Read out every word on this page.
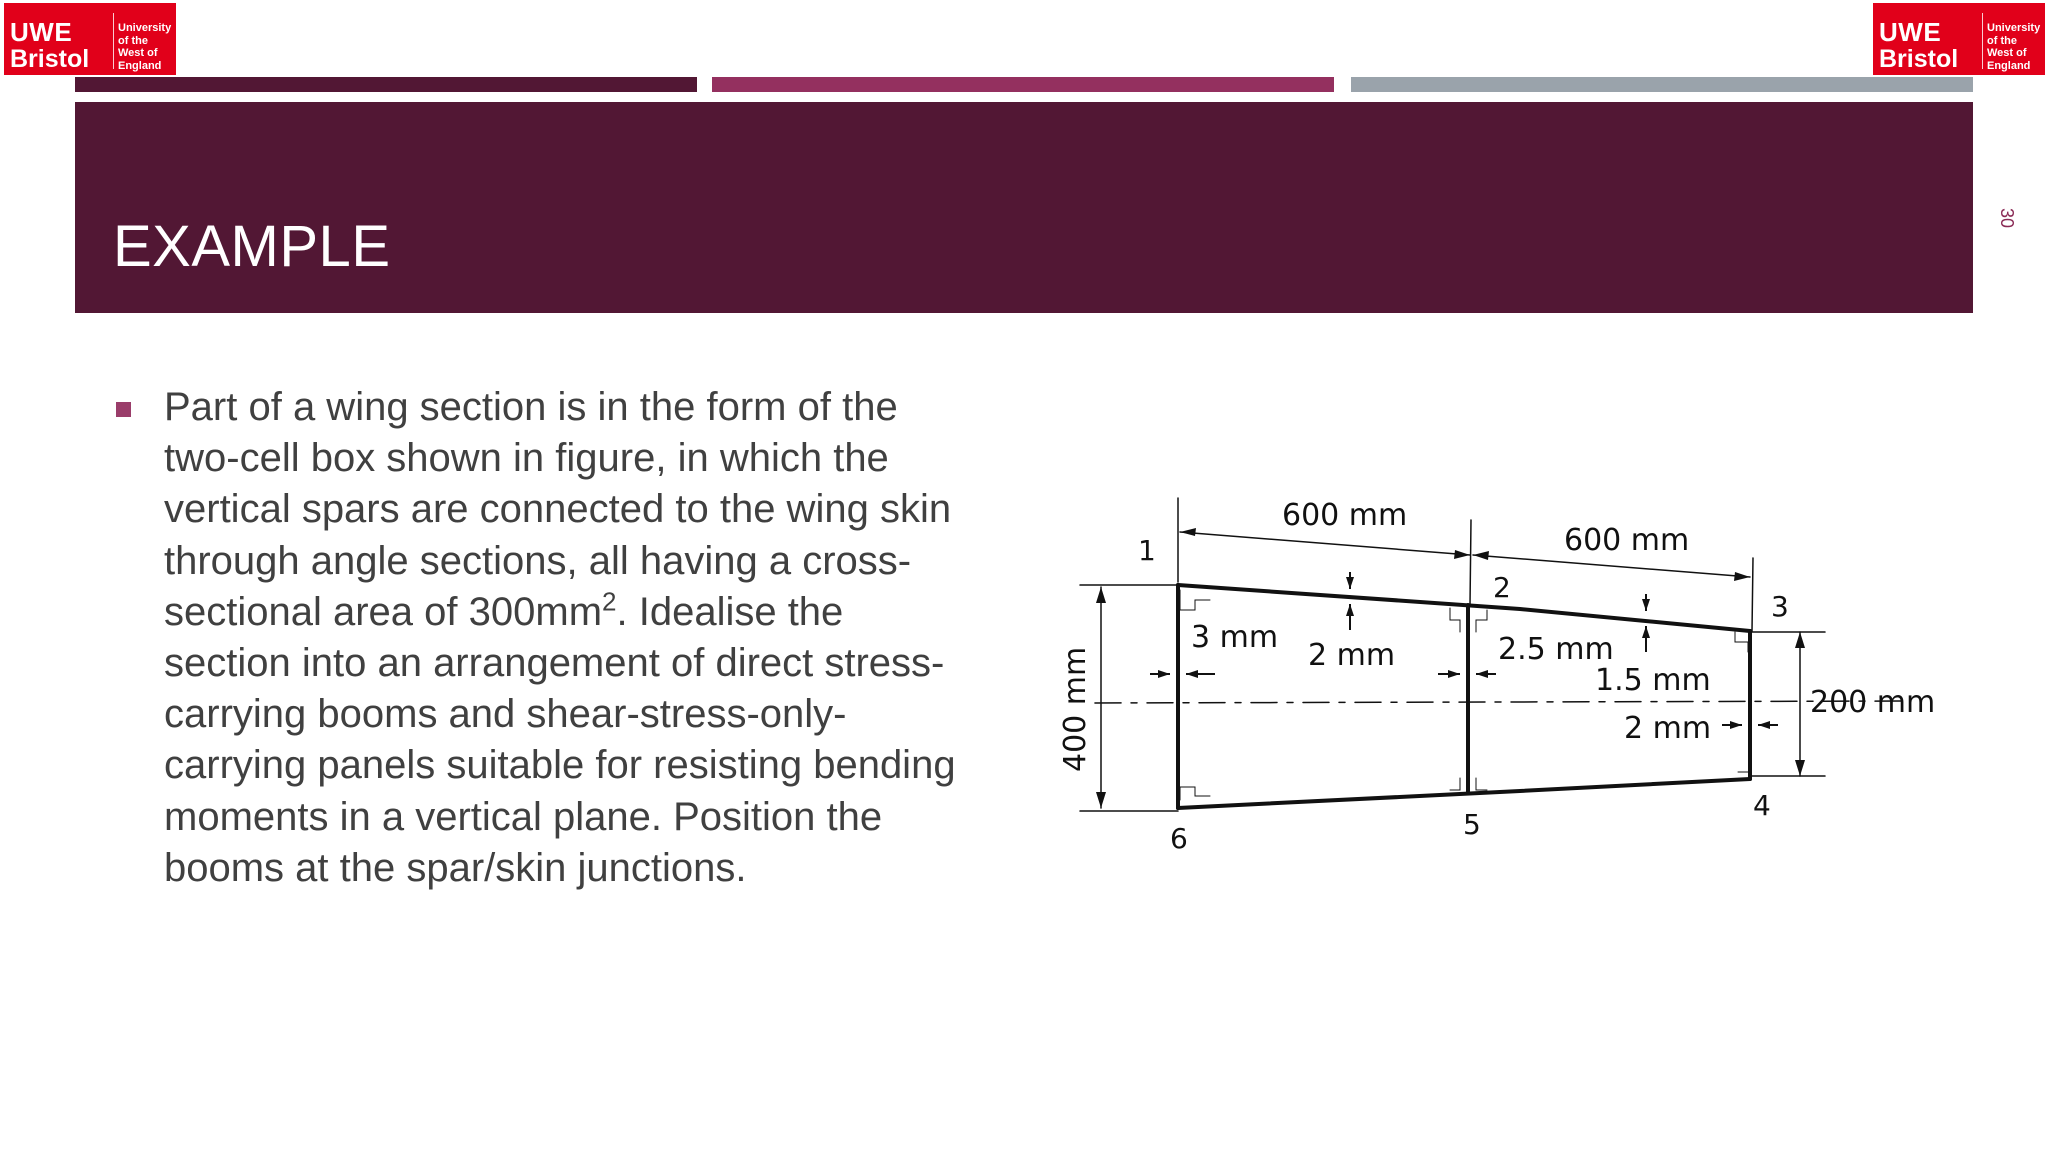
UWE
Bristol
University
of the
West of
England
UWE
Bristol
University
of the
West of
England
EXAMPLE	30
Part of a wing section is in the form of the two-cell box shown in figure, in which the vertical spars are connected to the wing skin through angle sections, all having a cross-sectional area of $300mm^2$. Idealise the section into an arrangement of direct stress-carrying booms and shear-stress-only-carrying panels suitable for resisting bending moments in a vertical plane. Position the booms at the spar/skin junctions.
1
2
3
4
5
6
600 mm
600 mm
400 mm	200 mm
3 mm
2 mm	2.5 mm
1.5 mm
2 mm
